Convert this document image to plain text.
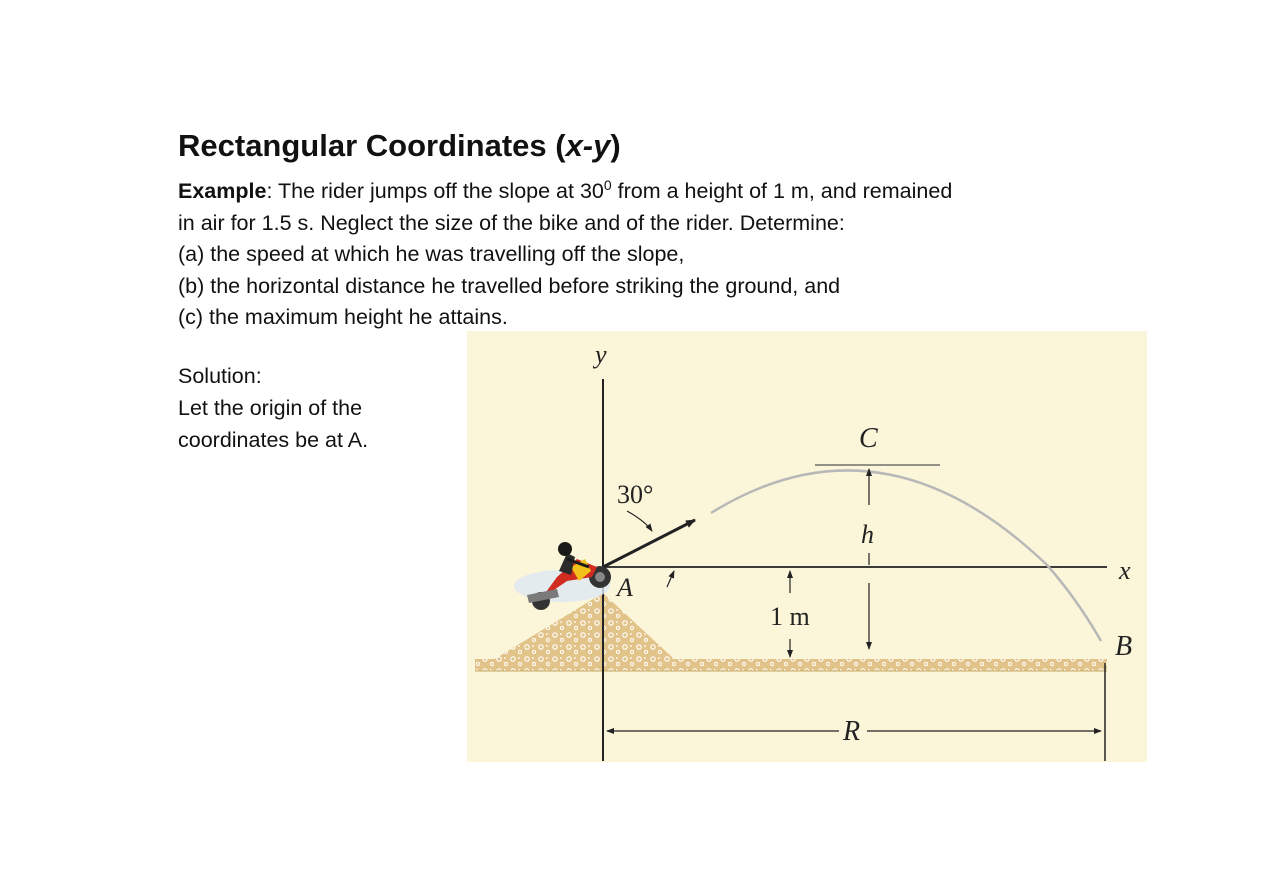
Rectangular Coordinates (x-y)
Example: The rider jumps off the slope at $30^0$ from a height of 1 m, and remained
in air for 1.5 s. Neglect the size of the bike and of the rider. Determine:
(a) the speed at which he was travelling off the slope,
(b) the horizontal distance he travelled before striking the ground, and
(c) the maximum height he attains.
Solution:
Let the origin of the
coordinates be at A.
y
x
30°
A
B
C
h
1 m
R
